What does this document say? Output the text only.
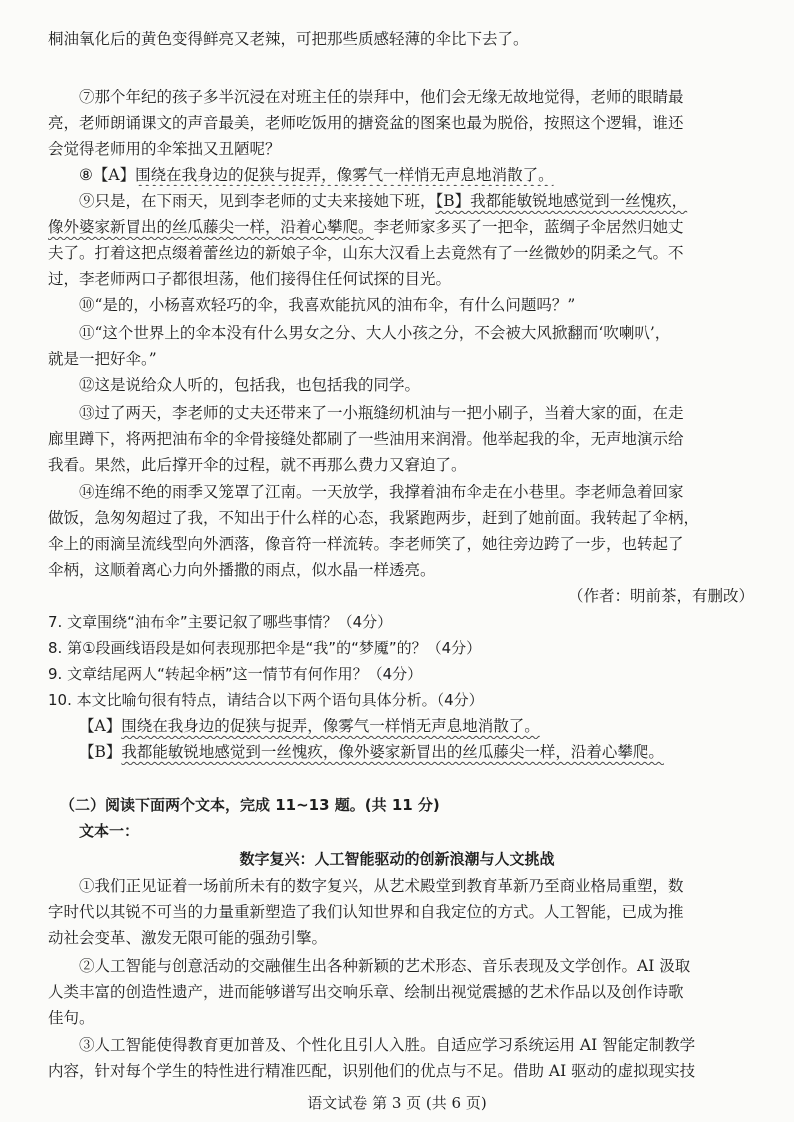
桐油氧化后的黄色变得鲜亮又老辣，可把那些质感轻薄的伞比下去了。
⑦那个年纪的孩子多半沉浸在对班主任的崇拜中，他们会无缘无故地觉得，老师的眼睛最
亮，老师朗诵课文的声音最美，老师吃饭用的搪瓷盆的图案也最为脱俗，按照这个逻辑，谁还
会觉得老师用的伞笨拙又丑陋呢？
⑧【A】围绕在我身边的促狭与捉弄，像雾气一样悄无声息地消散了。
⑨只是，在下雨天，见到李老师的丈夫来接她下班，【B】我都能敏锐地感觉到一丝愧疚，
像外婆家新冒出的丝瓜藤尖一样，沿着心攀爬。李老师家多买了一把伞，蓝绸子伞居然归她丈
夫了。打着这把点缀着蕾丝边的新娘子伞，山东大汉看上去竟然有了一丝微妙的阴柔之气。不
过，李老师两口子都很坦荡，他们接得住任何试探的目光。
⑩“是的，小杨喜欢轻巧的伞，我喜欢能抗风的油布伞，有什么问题吗？”
⑪“这个世界上的伞本没有什么男女之分、大人小孩之分，不会被大风掀翻而‘吹喇叭’，
就是一把好伞。”
⑫这是说给众人听的，包括我，也包括我的同学。
⑬过了两天，李老师的丈夫还带来了一小瓶缝纫机油与一把小刷子，当着大家的面，在走
廊里蹲下，将两把油布伞的伞骨接缝处都刷了一些油用来润滑。他举起我的伞，无声地演示给
我看。果然，此后撑开伞的过程，就不再那么费力又窘迫了。
⑭连绵不绝的雨季又笼罩了江南。一天放学，我撑着油布伞走在小巷里。李老师急着回家
做饭，急匆匆超过了我，不知出于什么样的心态，我紧跑两步，赶到了她前面。我转起了伞柄，
伞上的雨滴呈流线型向外洒落，像音符一样流转。李老师笑了，她往旁边跨了一步，也转起了
伞柄，这顺着离心力向外播撒的雨点，似水晶一样透亮。
（作者：明前茶，有删改）
7. 文章围绕“油布伞”主要记叙了哪些事情？（4分）
8. 第①段画线语段是如何表现那把伞是“我”的“梦魇”的？（4分）
9. 文章结尾两人“转起伞柄”这一情节有何作用？（4分）
10. 本文比喻句很有特点，请结合以下两个语句具体分析。（4分）
【A】围绕在我身边的促狭与捉弄，像雾气一样悄无声息地消散了。
【B】我都能敏锐地感觉到一丝愧疚，像外婆家新冒出的丝瓜藤尖一样，沿着心攀爬。
（二）阅读下面两个文本，完成 11~13 题。(共 11 分)
文本一：
数字复兴：人工智能驱动的创新浪潮与人文挑战
①我们正见证着一场前所未有的数字复兴，从艺术殿堂到教育革新乃至商业格局重塑，数
字时代以其锐不可当的力量重新塑造了我们认知世界和自我定位的方式。人工智能，已成为推
动社会变革、激发无限可能的强劲引擎。
②人工智能与创意活动的交融催生出各种新颖的艺术形态、音乐表现及文学创作。AI 汲取
人类丰富的创造性遗产，进而能够谱写出交响乐章、绘制出视觉震撼的艺术作品以及创作诗歌
佳句。
③人工智能使得教育更加普及、个性化且引人入胜。自适应学习系统运用 AI 智能定制教学
内容，针对每个学生的特性进行精准匹配，识别他们的优点与不足。借助 AI 驱动的虚拟现实技
语文试卷 第 3 页 (共 6 页)
